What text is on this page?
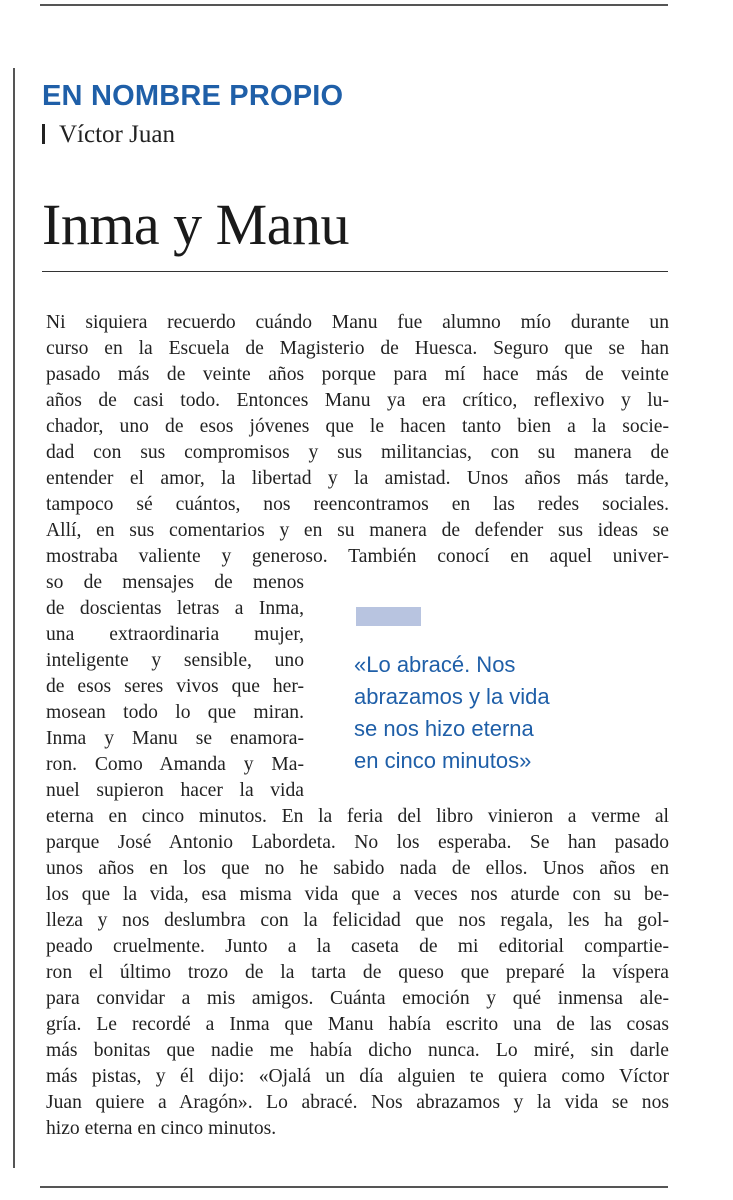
EN NOMBRE PROPIO
Víctor Juan
Inma y Manu
Ni siquiera recuerdo cuándo Manu fue alumno mío durante un
curso en la Escuela de Magisterio de Huesca. Seguro que se han
pasado más de veinte años porque para mí hace más de veinte
años de casi todo. Entonces Manu ya era crítico, reflexivo y lu-
chador, uno de esos jóvenes que le hacen tanto bien a la socie-
dad con sus compromisos y sus militancias, con su manera de
entender el amor, la libertad y la amistad. Unos años más tarde,
tampoco sé cuántos, nos reencontramos en las redes sociales.
Allí, en sus comentarios y en su manera de defender sus ideas se
mostraba valiente y generoso. También conocí en aquel univer-
so de mensajes de menos
de doscientas letras a Inma,
una extraordinaria mujer,
inteligente y sensible, uno
de esos seres vivos que her-
mosean todo lo que miran.
Inma y Manu se enamora-
ron. Como Amanda y Ma-
nuel supieron hacer la vida
eterna en cinco minutos. En la feria del libro vinieron a verme al
parque José Antonio Labordeta. No los esperaba. Se han pasado
unos años en los que no he sabido nada de ellos. Unos años en
los que la vida, esa misma vida que a veces nos aturde con su be-
lleza y nos deslumbra con la felicidad que nos regala, les ha gol-
peado cruelmente. Junto a la caseta de mi editorial compartie-
ron el último trozo de la tarta de queso que preparé la víspera
para convidar a mis amigos. Cuánta emoción y qué inmensa ale-
gría. Le recordé a Inma que Manu había escrito una de las cosas
más bonitas que nadie me había dicho nunca. Lo miré, sin darle
más pistas, y él dijo: «Ojalá un día alguien te quiera como Víctor
Juan quiere a Aragón». Lo abracé. Nos abrazamos y la vida se nos
hizo eterna en cinco minutos.
«Lo abracé. Nos
abrazamos y la vida
se nos hizo eterna
en cinco minutos»
